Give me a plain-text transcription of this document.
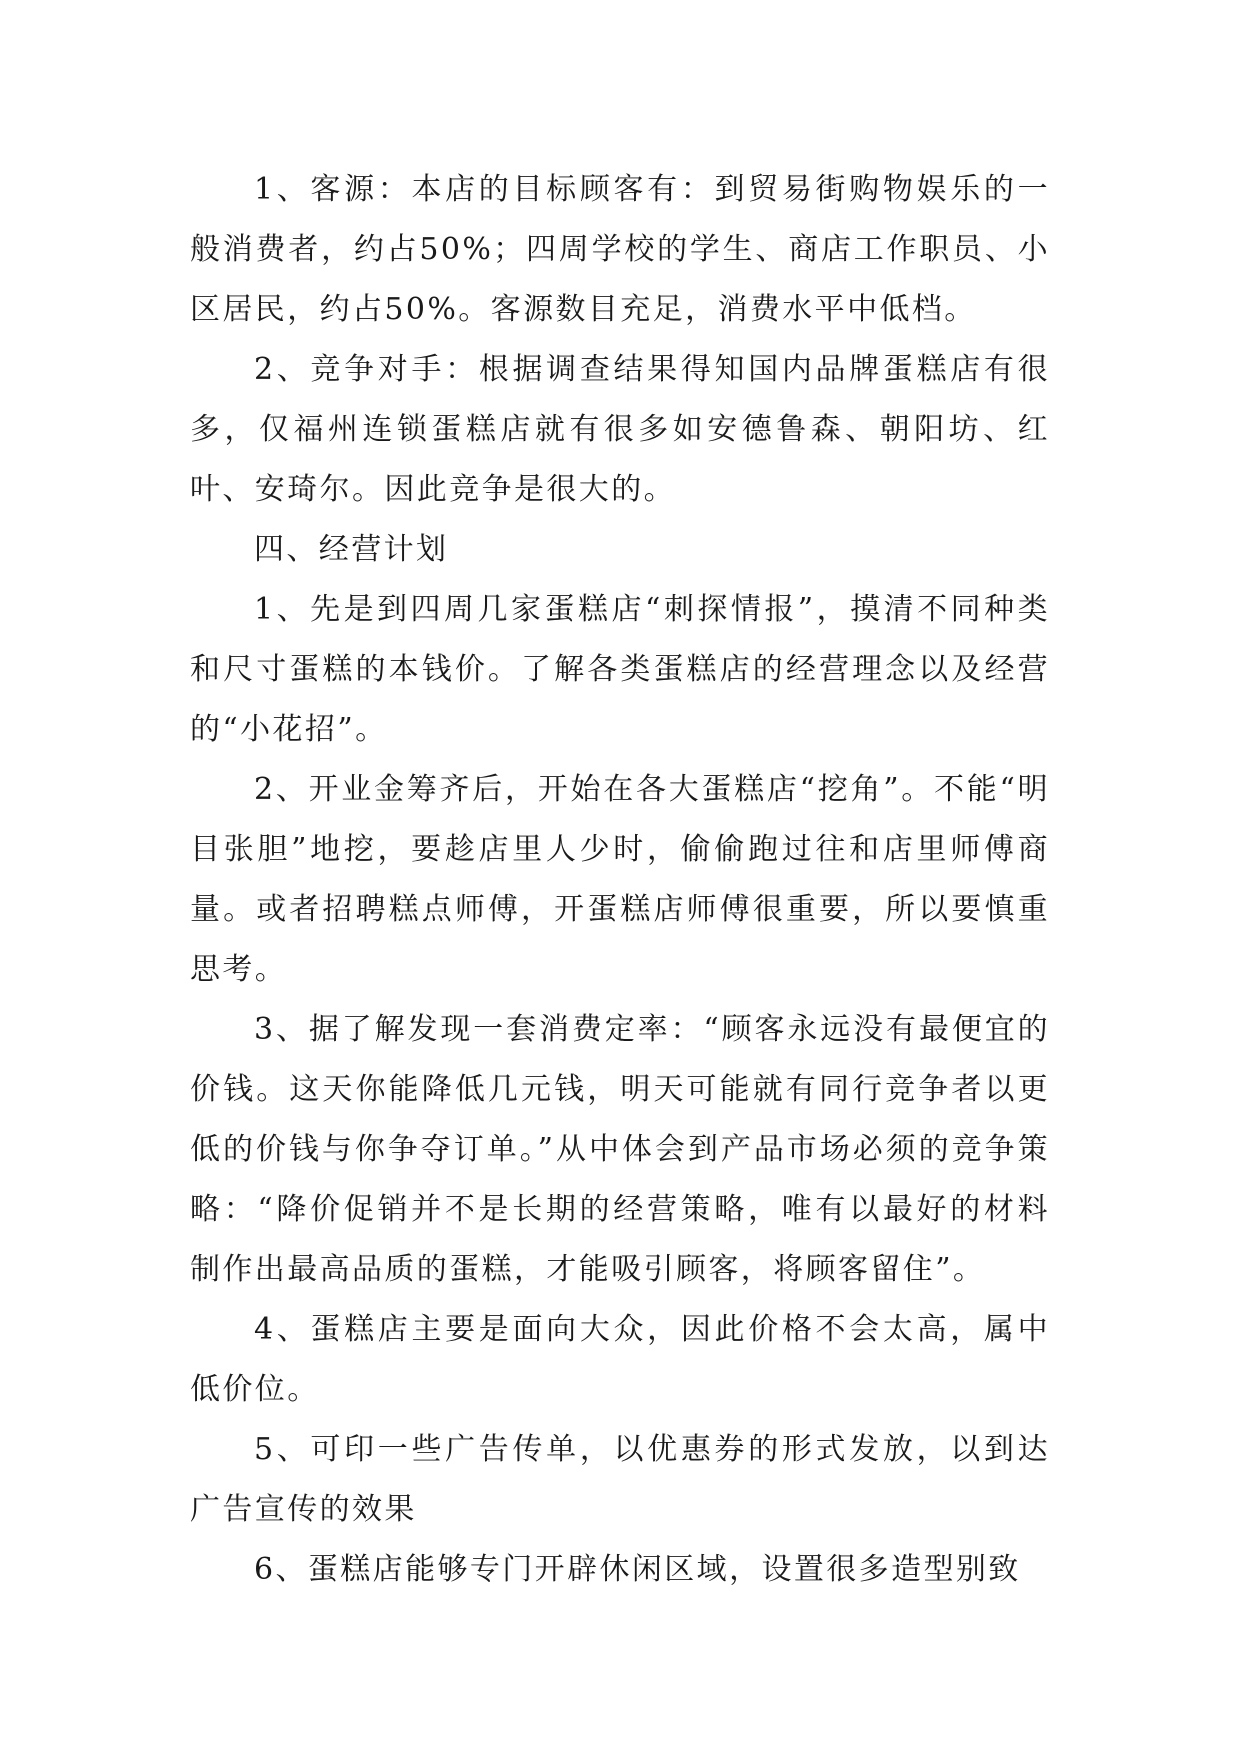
1、客源：本店的目标顾客有：到贸易街购物娱乐的一般消费者，约占50%；四周学校的学生、商店工作职员、小区居民，约占50%。客源数目充足，消费水平中低档。

2、竞争对手：根据调查结果得知国内品牌蛋糕店有很多，仅福州连锁蛋糕店就有很多如安德鲁森、朝阳坊、红叶、安琦尔。因此竞争是很大的。

四、经营计划

1、先是到四周几家蛋糕店“刺探情报”，摸清不同种类和尺寸蛋糕的本钱价。了解各类蛋糕店的经营理念以及经营的“小花招”。

2、开业金筹齐后，开始在各大蛋糕店“挖角”。不能“明目张胆”地挖，要趁店里人少时，偷偷跑过往和店里师傅商量。或者招聘糕点师傅，开蛋糕店师傅很重要，所以要慎重思考。

3、据了解发现一套消费定率：“顾客永远没有最便宜的价钱。这天你能降低几元钱，明天可能就有同行竞争者以更低的价钱与你争夺订单。”从中体会到产品市场必须的竞争策略：“降价促销并不是长期的经营策略，唯有以最好的材料制作出最高品质的蛋糕，才能吸引顾客，将顾客留住”。

4、蛋糕店主要是面向大众，因此价格不会太高，属中低价位。

5、可印一些广告传单，以优惠券的形式发放，以到达广告宣传的效果

6、蛋糕店能够专门开辟休闲区域，设置很多造型别致
